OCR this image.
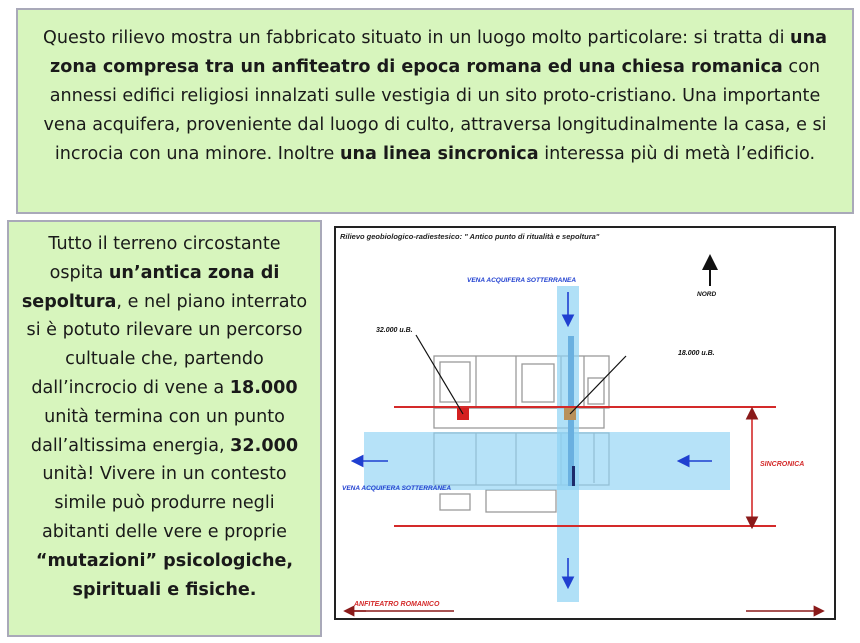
Questo rilievo mostra un fabbricato situato in un luogo molto particolare: si tratta di una zona compresa tra un anfiteatro di epoca romana ed una chiesa romanica con annessi edifici religiosi innalzati sulle vestigia di un sito proto-cristiano. Una importante vena acquifera, proveniente dal luogo di culto, attraversa longitudinalmente la casa, e si incrocia con una minore. Inoltre una linea sincronica interessa più di metà l’edificio.
Tutto il terreno circostante ospita un’antica zona di sepoltura, e nel piano interrato si è potuto rilevare un percorso cultuale che, partendo dall’incrocio di vene a 18.000 unità termina con un punto dall’altissima energia, 32.000 unità! Vivere in un contesto simile può produrre negli abitanti delle vere e proprie “mutazioni” psicologiche, spirituali e fisiche.
Rilievo geobiologico-radiestesico: " Antico punto di ritualità e sepoltura"
32.000 u.B.
18.000 u.B.
VENA ACQUIFERA SOTTERRANEA
VENA ACQUIFERA SOTTERRANEA
NORD
SINCRONICA
ANFITEATRO ROMANICO
